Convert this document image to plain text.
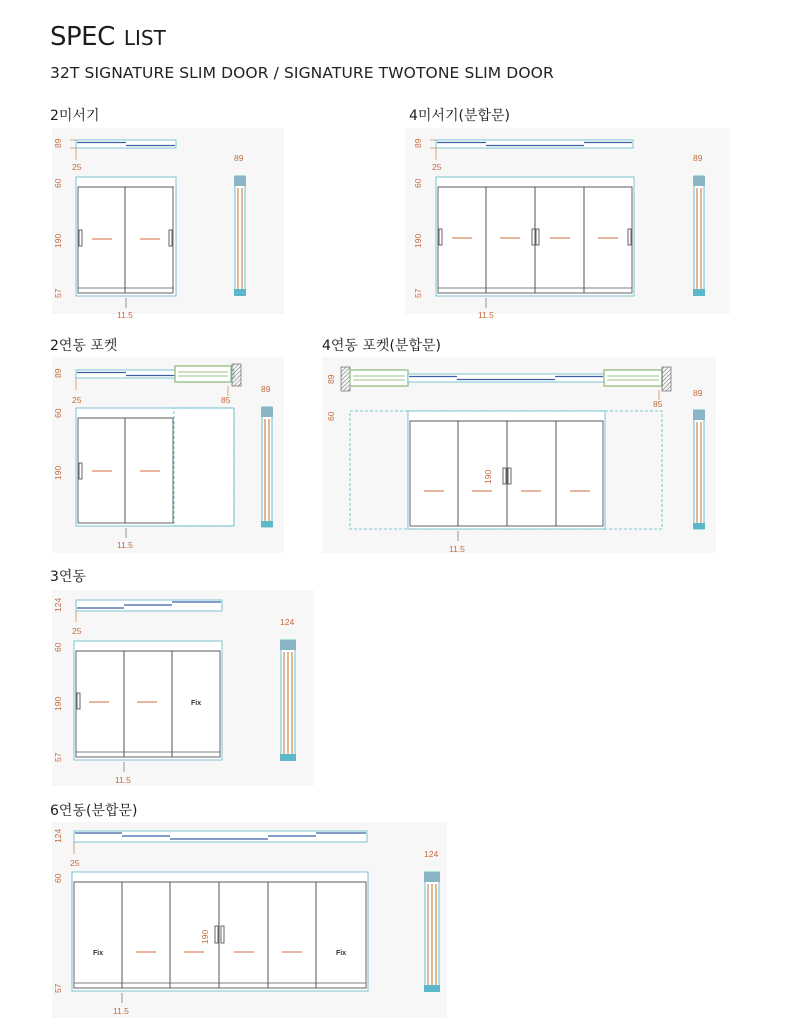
SPEC LIST
32T SIGNATURE SLIM DOOR / SIGNATURE TWOTONE SLIM DOOR
2미서기	4미서기(분합문)
2연동 포켓	4연동 포켓(분합문)
3연동
6연동(분합문)
89
25
60
190
57
11.5
89
89
25
60
190
57
11.5
89
89
25	85
60
190
11.5
89
89
85
60
190
11.5
89
124
25
Fix
60
190
57
11.5
124
124
25
Fix	Fix
60
190
57
11.5
124
